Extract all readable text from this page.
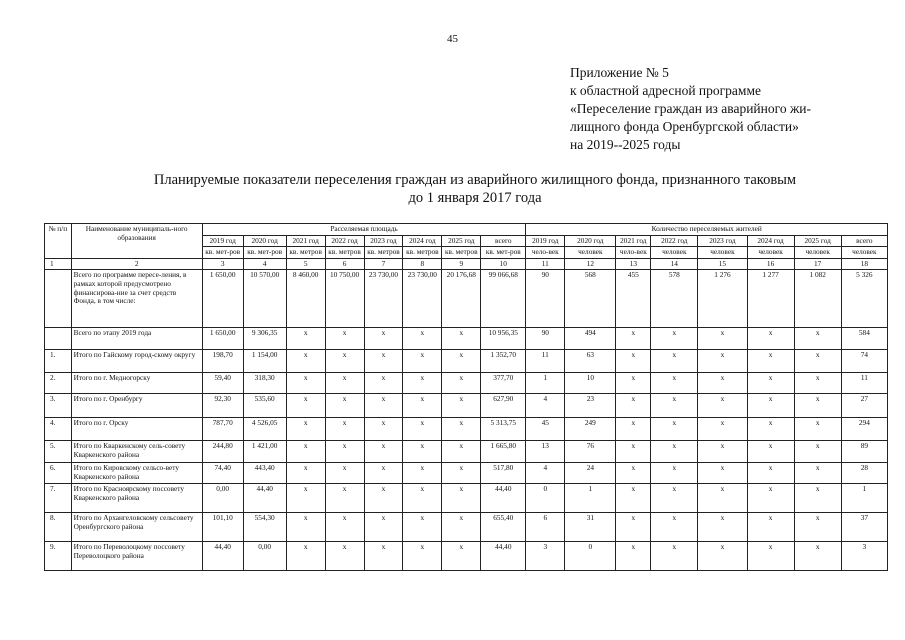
45
Приложение № 5
к областной адресной программе
«Переселение граждан из аварийного жи-
лищного фонда Оренбургской области»
на 2019--2025 годы
Планируемые показатели переселения граждан из аварийного жилищного фонда, признанного таковым
до 1 января 2017 года
№ п/п	Наименование муниципаль-ного образования	Расселяемая площадь								Количество переселяемых жителей							
		2019 год	2020 год	2021 год	2022 год	2023 год	2024 год	2025 год	всего	2019 год	2020 год	2021 год	2022 год	2023 год	2024 год	2025 год	всего
		кв. мет-ров	кв. мет-ров	кв. метров	кв. метров	кв. метров	кв. метров	кв. метров	кв. мет-ров	чело-век	человек	чело-век	человек	человек	человек	человек	человек
1	2	3	4	5	6	7	8	9	10	11	12	13	14	15	16	17	18
	Всего по программе пересе-ления, в рамках которой предусмотрено финансирова-ние за счет средств Фонда, в том числе:	1 650,00	10 570,00	8 460,00	10 750,00	23 730,00	23 730,00	20 176,68	99 066,68	90	568	455	578	1 276	1 277	1 082	5 326
	Всего по этапу 2019 года	1 650,00	9 306,35	х	х	х	х	х	10 956,35	90	494	х	х	х	х	х	584
1.	Итого по Гайскому город-скому округу	198,70	1 154,00	х	х	х	х	х	1 352,70	11	63	х	х	х	х	х	74
2.	Итого по г. Медногорску	59,40	318,30	х	х	х	х	х	377,70	1	10	х	х	х	х	х	11
3.	Итого по г. Оренбургу	92,30	535,60	х	х	х	х	х	627,90	4	23	х	х	х	х	х	27
4.	Итого по г. Орску	787,70	4 526,05	х	х	х	х	х	5 313,75	45	249	х	х	х	х	х	294
5.	Итого по Кваркенскому сель-совету Кваркенского района	244,80	1 421,00	х	х	х	х	х	1 665,80	13	76	х	х	х	х	х	89
6.	Итого по Кировскому сельсо-вету Кваркенского района	74,40	443,40	х	х	х	х	х	517,80	4	24	х	х	х	х	х	28
7.	Итого по Красноярскому поссовету Кваркенского района	0,00	44,40	х	х	х	х	х	44,40	0	1	х	х	х	х	х	1
8.	Итого по Архангеловскому сельсовету Оренбургского района	101,10	554,30	х	х	х	х	х	655,40	6	31	х	х	х	х	х	37
9.	Итого по Переволоцкому поссовету Переволоцкого района	44,40	0,00	х	х	х	х	х	44,40	3	0	х	х	х	х	х	3
